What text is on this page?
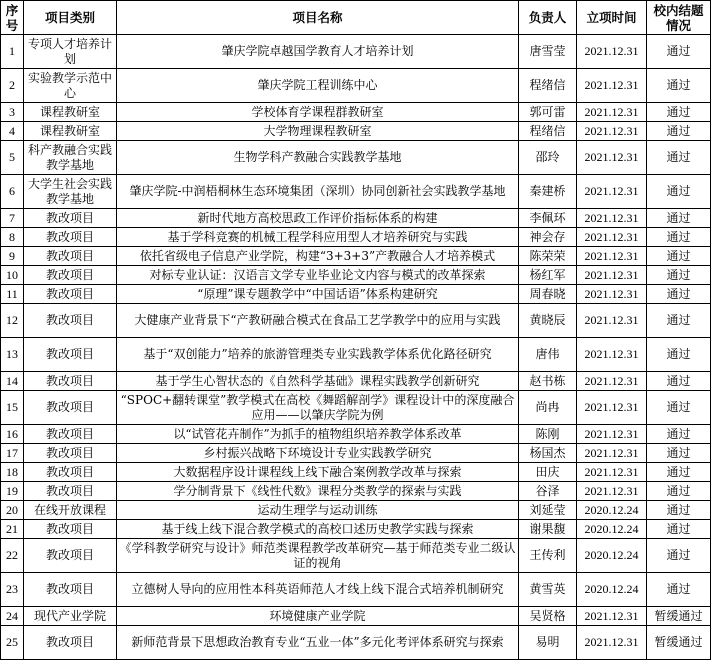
序号	项目类别	项目名称	负责人	立项时间	校内结题情况
1	专项人才培养计划	肇庆学院卓越国学教育人才培养计划	唐雪莹	2021.12.31	通过
2	实验教学示范中心	肇庆学院工程训练中心	程绪信	2021.12.31	通过
3	课程教研室	学校体育学课程群教研室	郭可雷	2021.12.31	通过
4	课程教研室	大学物理课程教研室	程绪信	2021.12.31	通过
5	科产教融合实践教学基地	生物学科产教融合实践教学基地	邵玲	2021.12.31	通过
6	大学生社会实践教学基地	肇庆学院-中润梧桐林生态环境集团（深圳）协同创新社会实践教学基地	秦建桥	2021.12.31	通过
7	教改项目	新时代地方高校思政工作评价指标体系的构建	李佩环	2021.12.31	通过
8	教改项目	基于学科竞赛的机械工程学科应用型人才培养研究与实践	神会存	2021.12.31	通过
9	教改项目	依托省级电子信息产业学院，构建“3+3+3”产教融合人才培养模式	陈荣荣	2021.12.31	通过
10	教改项目	对标专业认证：汉语言文学专业毕业论文内容与模式的改革探索	杨红军	2021.12.31	通过
11	教改项目	“原理”课专题教学中“中国话语”体系构建研究	周春晓	2021.12.31	通过
12	教改项目	大健康产业背景下“产教研融合模式在食品工艺学教学中的应用与实践	黄晓辰	2021.12.31	通过
13	教改项目	基于“双创能力”培养的旅游管理类专业实践教学体系优化路径研究	唐伟	2021.12.31	通过
14	教改项目	基于学生心智状态的《自然科学基础》课程实践教学创新研究	赵书栋	2021.12.31	通过
15	教改项目	“SPOC+翻转课堂”教学模式在高校《舞蹈解剖学》课程设计中的深度融合应用——以肇庆学院为例	尚冉	2021.12.31	通过
16	教改项目	以“试管花卉制作”为抓手的植物组织培养教学体系改革	陈刚	2021.12.31	通过
17	教改项目	乡村振兴战略下环境设计专业实践教学研究	杨国杰	2021.12.31	通过
18	教改项目	大数据程序设计课程线上线下融合案例教学改革与探索	田庆	2021.12.31	通过
19	教改项目	学分制背景下《线性代数》课程分类教学的探索与实践	谷泽	2021.12.31	通过
20	在线开放课程	运动生理学与运动训练	刘延莹	2020.12.24	通过
21	教改项目	基于线上线下混合教学模式的高校口述历史教学实践与探索	谢果馥	2020.12.24	通过
22	教改项目	《学科教学研究与设计》师范类课程教学改革研究—基于师范类专业二级认证的视角	王传利	2020.12.24	通过
23	教改项目	立德树人导向的应用性本科英语师范人才线上线下混合式培养机制研究	黄雪英	2020.12.24	通过
24	现代产业学院	环境健康产业学院	吴贤格	2021.12.31	暂缓通过
25	教改项目	新师范背景下思想政治教育专业“五业一体”多元化考评体系研究与探索	易明	2021.12.31	暂缓通过
